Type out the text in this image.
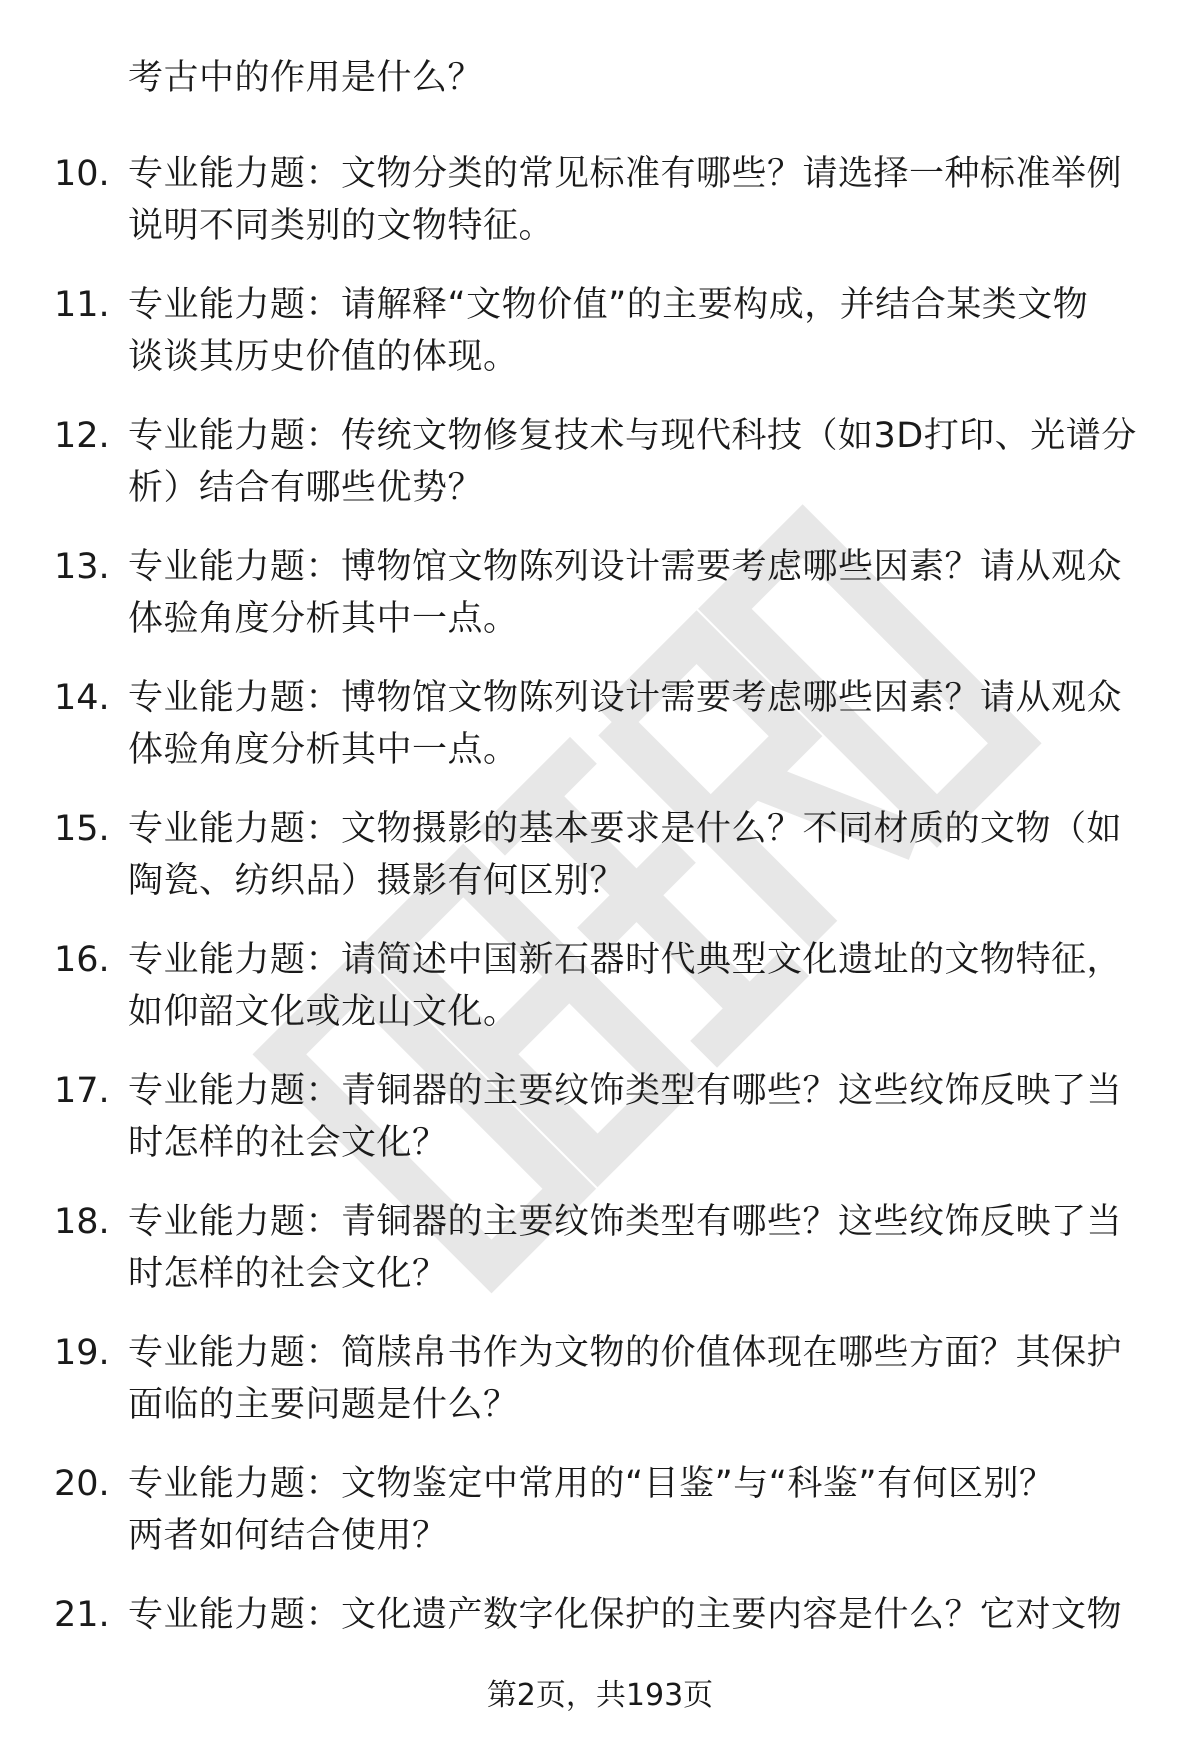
考古中的作用是什么？
10. 专业能力题：文物分类的常见标准有哪些？请选择一种标准举例
说明不同类别的文物特征。
11. 专业能力题：请解释“文物价值”的主要构成，并结合某类文物
谈谈其历史价值的体现。
12. 专业能力题：传统文物修复技术与现代科技（如3D打印、光谱分
析）结合有哪些优势？
13. 专业能力题：博物馆文物陈列设计需要考虑哪些因素？请从观众
体验角度分析其中一点。
14. 专业能力题：博物馆文物陈列设计需要考虑哪些因素？请从观众
体验角度分析其中一点。
15. 专业能力题：文物摄影的基本要求是什么？不同材质的文物（如
陶瓷、纺织品）摄影有何区别？
16. 专业能力题：请简述中国新石器时代典型文化遗址的文物特征，
如仰韶文化或龙山文化。
17. 专业能力题：青铜器的主要纹饰类型有哪些？这些纹饰反映了当
时怎样的社会文化？
18. 专业能力题：青铜器的主要纹饰类型有哪些？这些纹饰反映了当
时怎样的社会文化？
19. 专业能力题：简牍帛书作为文物的价值体现在哪些方面？其保护
面临的主要问题是什么？
20. 专业能力题：文物鉴定中常用的“目鉴”与“科鉴”有何区别？
两者如何结合使用？
21. 专业能力题：文化遗产数字化保护的主要内容是什么？它对文物
第2页，共193页
